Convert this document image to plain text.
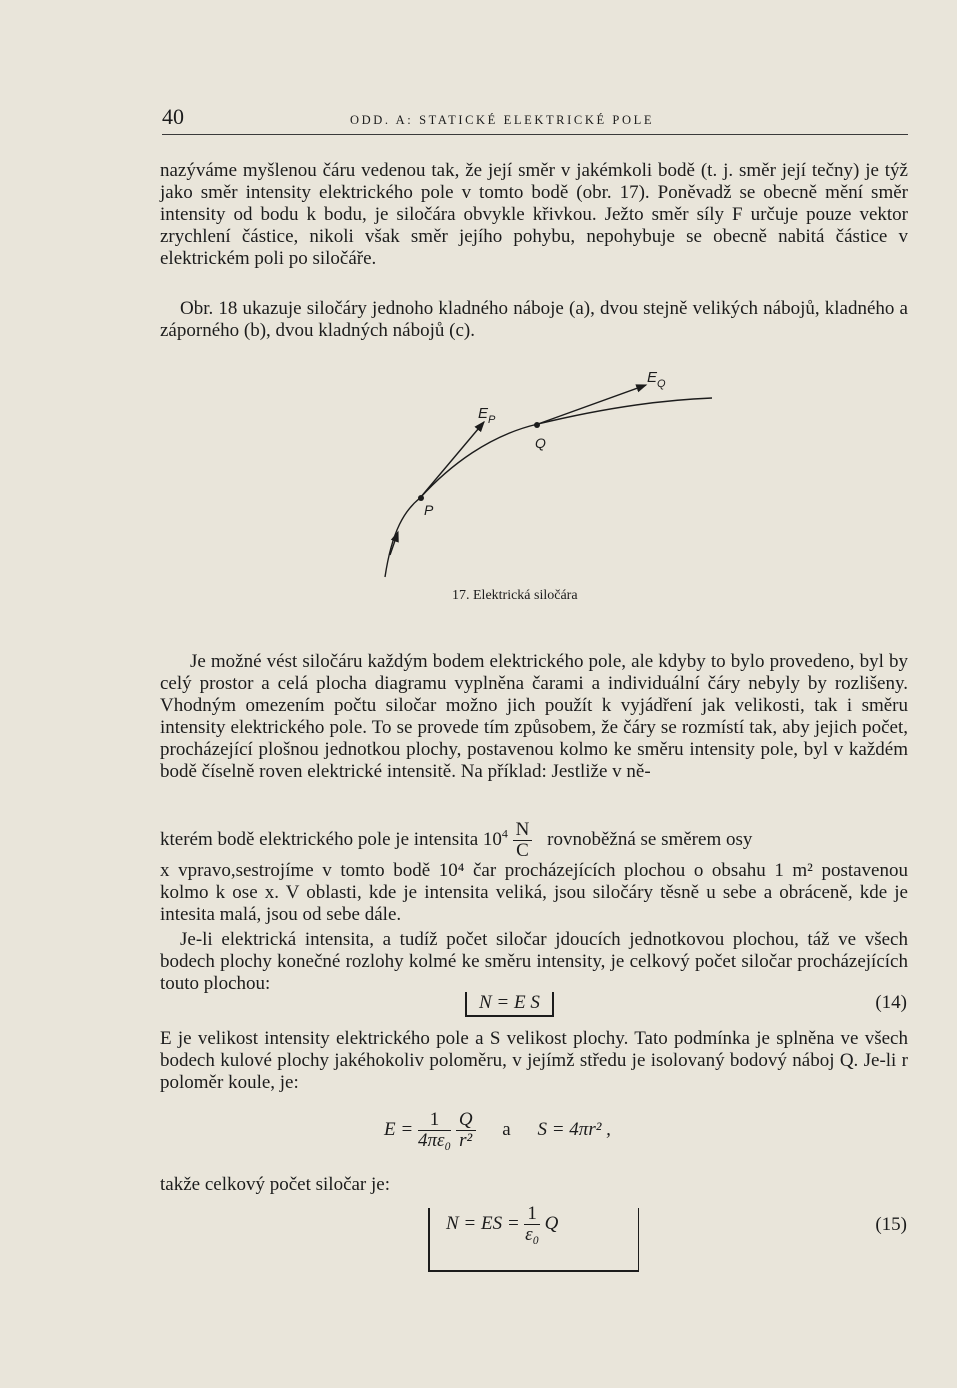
40	ODD. A: STATICKÉ ELEKTRICKÉ POLE

nazýváme myšlenou čáru vedenou tak, že její směr v jakémkoli bodě (t. j. směr její tečny) je týž jako směr intensity elektrického pole v tomto bodě (obr. 17). Poněvadž se obecně mění směr intensity od bodu k bodu, je siločára obvykle křivkou. Ježto směr síly F určuje pouze vektor zrychlení částice, nikoli však směr jejího pohybu, nepohybuje se obecně nabitá částice v elektrickém poli po siločáře.

Obr. 18 ukazuje siločáry jednoho kladného náboje (a), dvou stejně velikých nábojů, kladného a záporného (b), dvou kladných nábojů (c).

$E_Q$
$E_P$
Q
P
17. Elektrická siločára

Je možné vést siločáru každým bodem elektrického pole, ale kdyby to bylo provedeno, byl by celý prostor a celá plocha diagramu vyplněna čarami a individuální čáry nebyly by rozlišeny. Vhodným omezením počtu siločar možno jich použít k vyjádření jak velikosti, tak i směru intensity elektrického pole. To se provede tím způsobem, že čáry se rozmístí tak, aby jejich počet, procházející plošnou jednotkou plochy, postavenou kolmo ke směru intensity pole, byl v každém bodě číselně roven elektrické intensitě. Na příklad: Jestliže v ně-

kterém bodě elektrického pole je intensita $10^4 \frac{N}{C}$ rovnoběžná se směrem osy

x vpravo,sestrojíme v tomto bodě 10⁴ čar procházejících plochou o obsahu 1 m² postavenou kolmo k ose x. V oblasti, kde je intensita veliká, jsou siločáry těsně u sebe a obráceně, kde je intesita malá, jsou od sebe dále.

Je-li elektrická intensita, a tudíž počet siločar jdoucích jednotkovou plochou, táž ve všech bodech plochy konečné rozlohy kolmé ke směru intensity, je celkový počet siločar procházejících touto plochou:

N = E S	(14)

E je velikost intensity elektrického pole a S velikost plochy. Tato podmínka je splněna ve všech bodech kulové plochy jakéhokoliv poloměru, v jejímž středu je isolovaný bodový náboj Q. Je-li r poloměr koule, je:

$E = \frac{1}{\text{4πε₀}}$
$\frac{Q}{\text{r²}}$ a S = 4πr² ,

takže celkový počet siločar je:

N = ES = $\frac{1}{\text{ε₀}}$ Q	(15)
